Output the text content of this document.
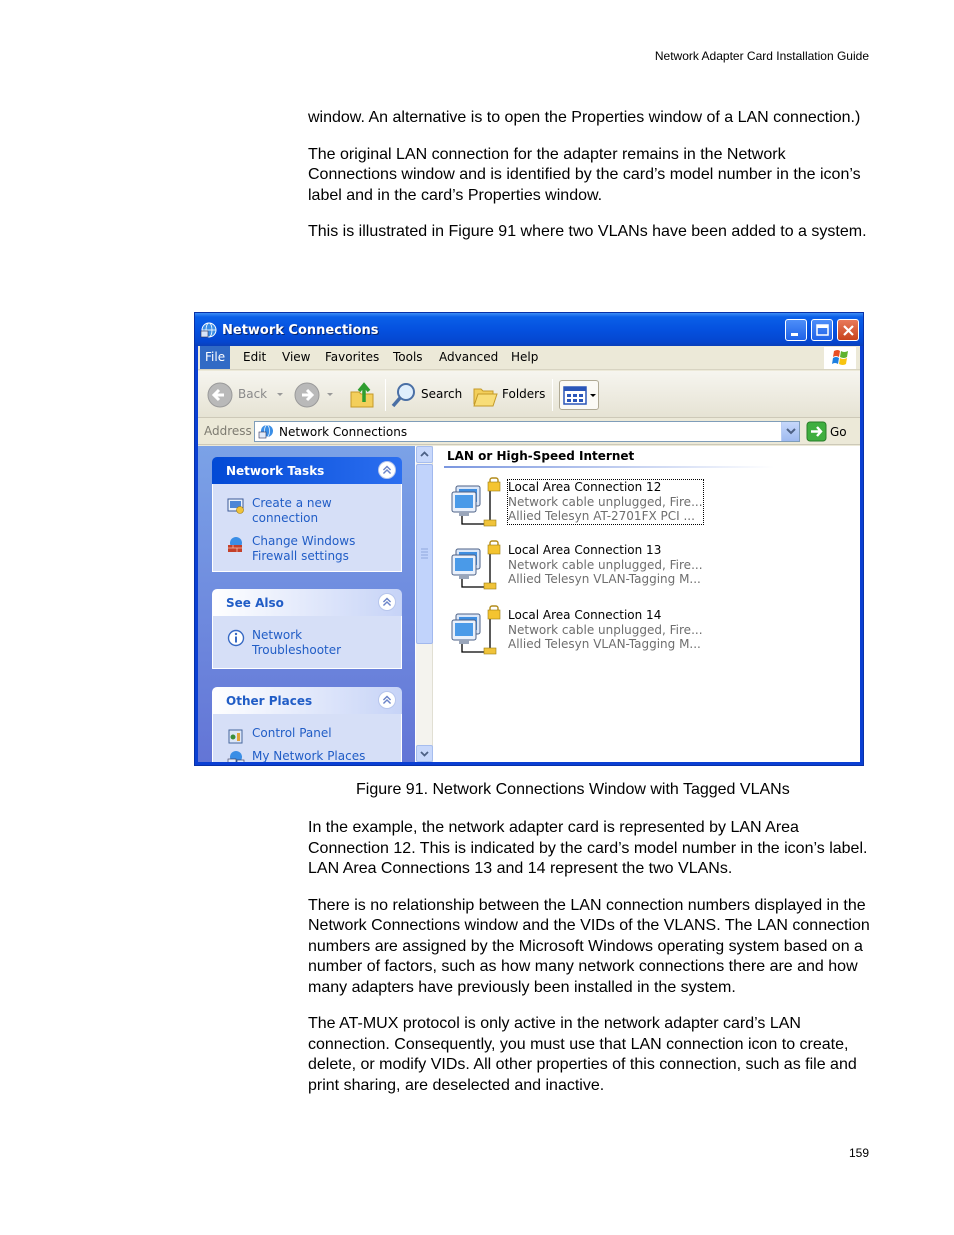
Network Adapter Card Installation Guide

window. An alternative is to open the Properties window of a LAN connection.)

The original LAN connection for the adapter remains in the Network Connections window and is identified by the card’s model number in the icon’s label and in the card’s Properties window.

This is illustrated in Figure 91 where two VLANs have been added to a system.

Network Connections
File	Edit	View	Favorites	Tools	Advanced	Help
Back	Search	Folders
Address Network Connections	Go
Network Tasks
Create a new connection
Change Windows Firewall settings
See Also
Network Troubleshooter
Other Places
Control Panel
My Network Places
LAN or High-Speed Internet
Local Area Connection 12
Network cable unplugged, Fire...
Allied Telesyn AT-2701FX PCI ...
Local Area Connection 13
Network cable unplugged, Fire...
Allied Telesyn VLAN-Tagging M...
Local Area Connection 14
Network cable unplugged, Fire...
Allied Telesyn VLAN-Tagging M...
Figure 91. Network Connections Window with Tagged VLANs

In the example, the network adapter card is represented by LAN Area Connection 12. This is indicated by the card’s model number in the icon’s label. LAN Area Connections 13 and 14 represent the two VLANs.

There is no relationship between the LAN connection numbers displayed in the Network Connections window and the VIDs of the VLANS. The LAN connection numbers are assigned by the Microsoft Windows operating system based on a number of factors, such as how many network connections there are and how many adapters have previously been installed in the system.

The AT-MUX protocol is only active in the network adapter card’s LAN connection. Consequently, you must use that LAN connection icon to create, delete, or modify VIDs. All other properties of this connection, such as file and print sharing, are deselected and inactive.

159
